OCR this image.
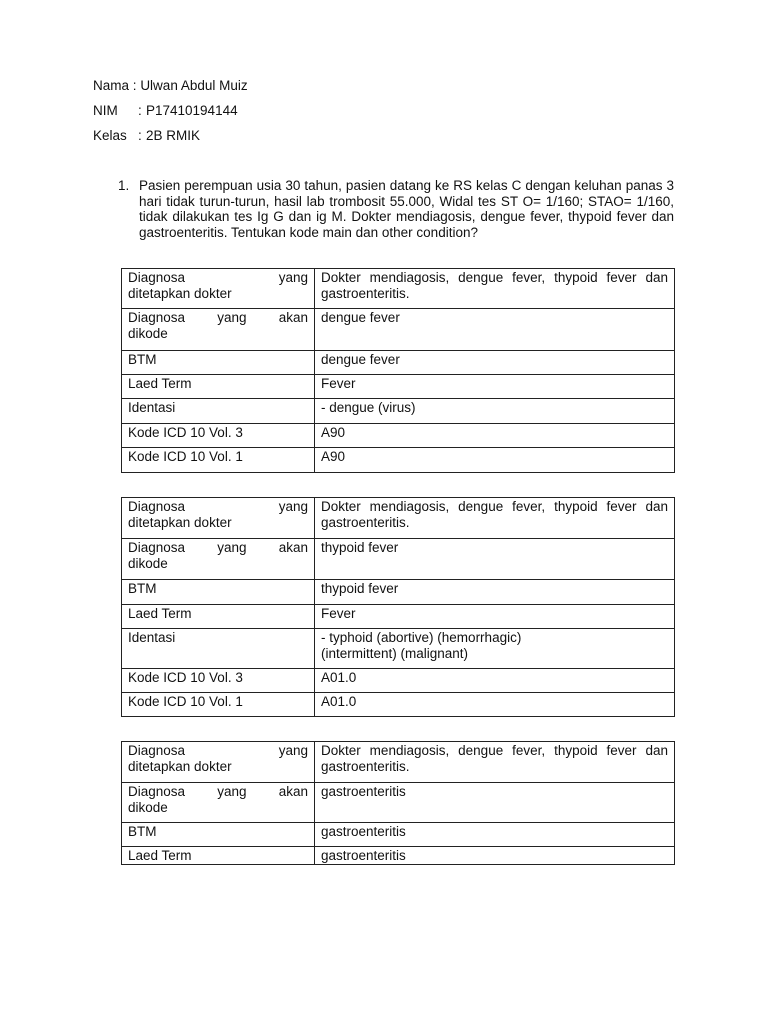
Nama : Ulwan Abdul Muiz
NIM : P17410194144
Kelas : 2B RMIK
1. Pasien perempuan usia 30 tahun, pasien datang ke RS kelas C dengan keluhan panas 3 hari tidak turun-turun, hasil lab trombosit 55.000, Widal tes ST O= 1/160; STAO= 1/160, tidak dilakukan tes Ig G dan ig M. Dokter mendiagosis, dengue fever, thypoid fever dan gastroenteritis. Tentukan kode main dan other condition?
Diagnosa yang
ditetapkan dokter	Dokter mendiagosis, dengue fever, thypoid fever dan gastroenteritis.

Diagnosa yang akan
dikode	dengue fever
BTM	dengue fever
Laed Term	Fever
Identasi	- dengue (virus)
Kode ICD 10 Vol. 3	A90
Kode ICD 10 Vol. 1	A90
Diagnosa yang
ditetapkan dokter	Dokter mendiagosis, dengue fever, thypoid fever dan gastroenteritis.

Diagnosa yang akan
dikode	thypoid fever
BTM	thypoid fever
Laed Term	Fever
Identasi	- typhoid (abortive) (hemorrhagic)
(intermittent) (malignant)

Kode ICD 10 Vol. 3	A01.0
Kode ICD 10 Vol. 1	A01.0
Diagnosa yang
ditetapkan dokter	Dokter mendiagosis, dengue fever, thypoid fever dan gastroenteritis.

Diagnosa yang akan
dikode	gastroenteritis
BTM	gastroenteritis
Laed Term	gastroenteritis
